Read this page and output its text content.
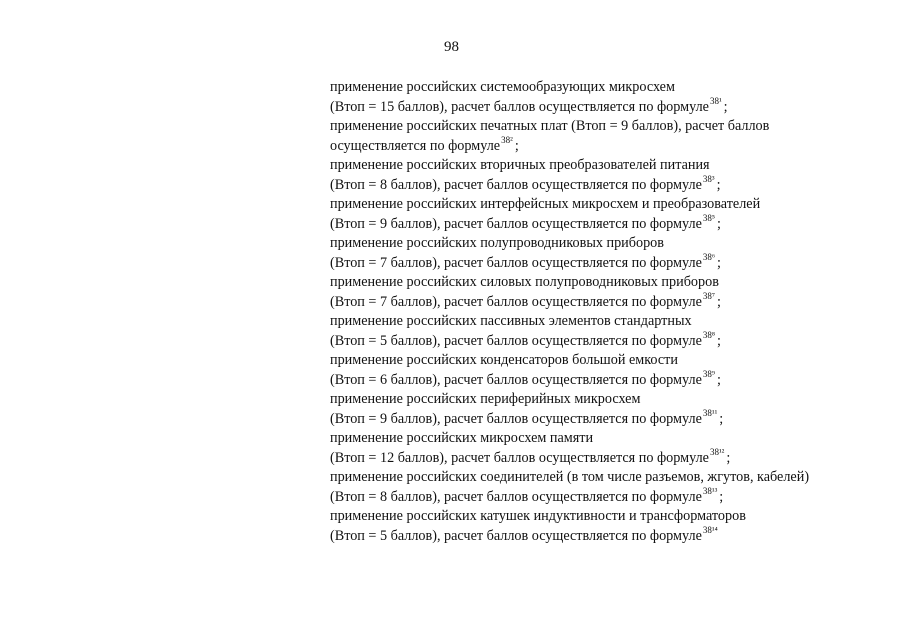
98
применение российских системообразующих микросхем
(Втоп = 15 баллов), расчет баллов осуществляется по формуле$^{38^1}$ ;
применение российских печатных плат (Втоп = 9 баллов), расчет баллов
осуществляется по формуле$^{38^2}$ ;
применение российских вторичных преобразователей питания
(Втоп = 8 баллов), расчет баллов осуществляется по формуле$^{38^3}$ ;
применение российских интерфейсных микросхем и преобразователей
(Втоп = 9 баллов), расчет баллов осуществляется по формуле$^{38^5}$ ;
применение российских полупроводниковых приборов
(Втоп = 7 баллов), расчет баллов осуществляется по формуле$^{38^6}$ ;
применение российских силовых полупроводниковых приборов
(Втоп = 7 баллов), расчет баллов осуществляется по формуле$^{38^7}$ ;
применение российских пассивных элементов стандартных
(Втоп = 5 баллов), расчет баллов осуществляется по формуле$^{38^8}$ ;
применение российских конденсаторов большой емкости
(Втоп = 6 баллов), расчет баллов осуществляется по формуле$^{38^9}$ ;
применение российских периферийных микросхем
(Втоп = 9 баллов), расчет баллов осуществляется по формуле$^{38^{11}}$ ;
применение российских микросхем памяти
(Втоп = 12 баллов), расчет баллов осуществляется по формуле$^{38^{12}}$ ;
применение российских соединителей (в том числе разъемов, жгутов, кабелей)
(Втоп = 8 баллов), расчет баллов осуществляется по формуле$^{38^{13}}$ ;
применение российских катушек индуктивности и трансформаторов
(Втоп = 5 баллов), расчет баллов осуществляется по формуле$^{38^{14}}$
